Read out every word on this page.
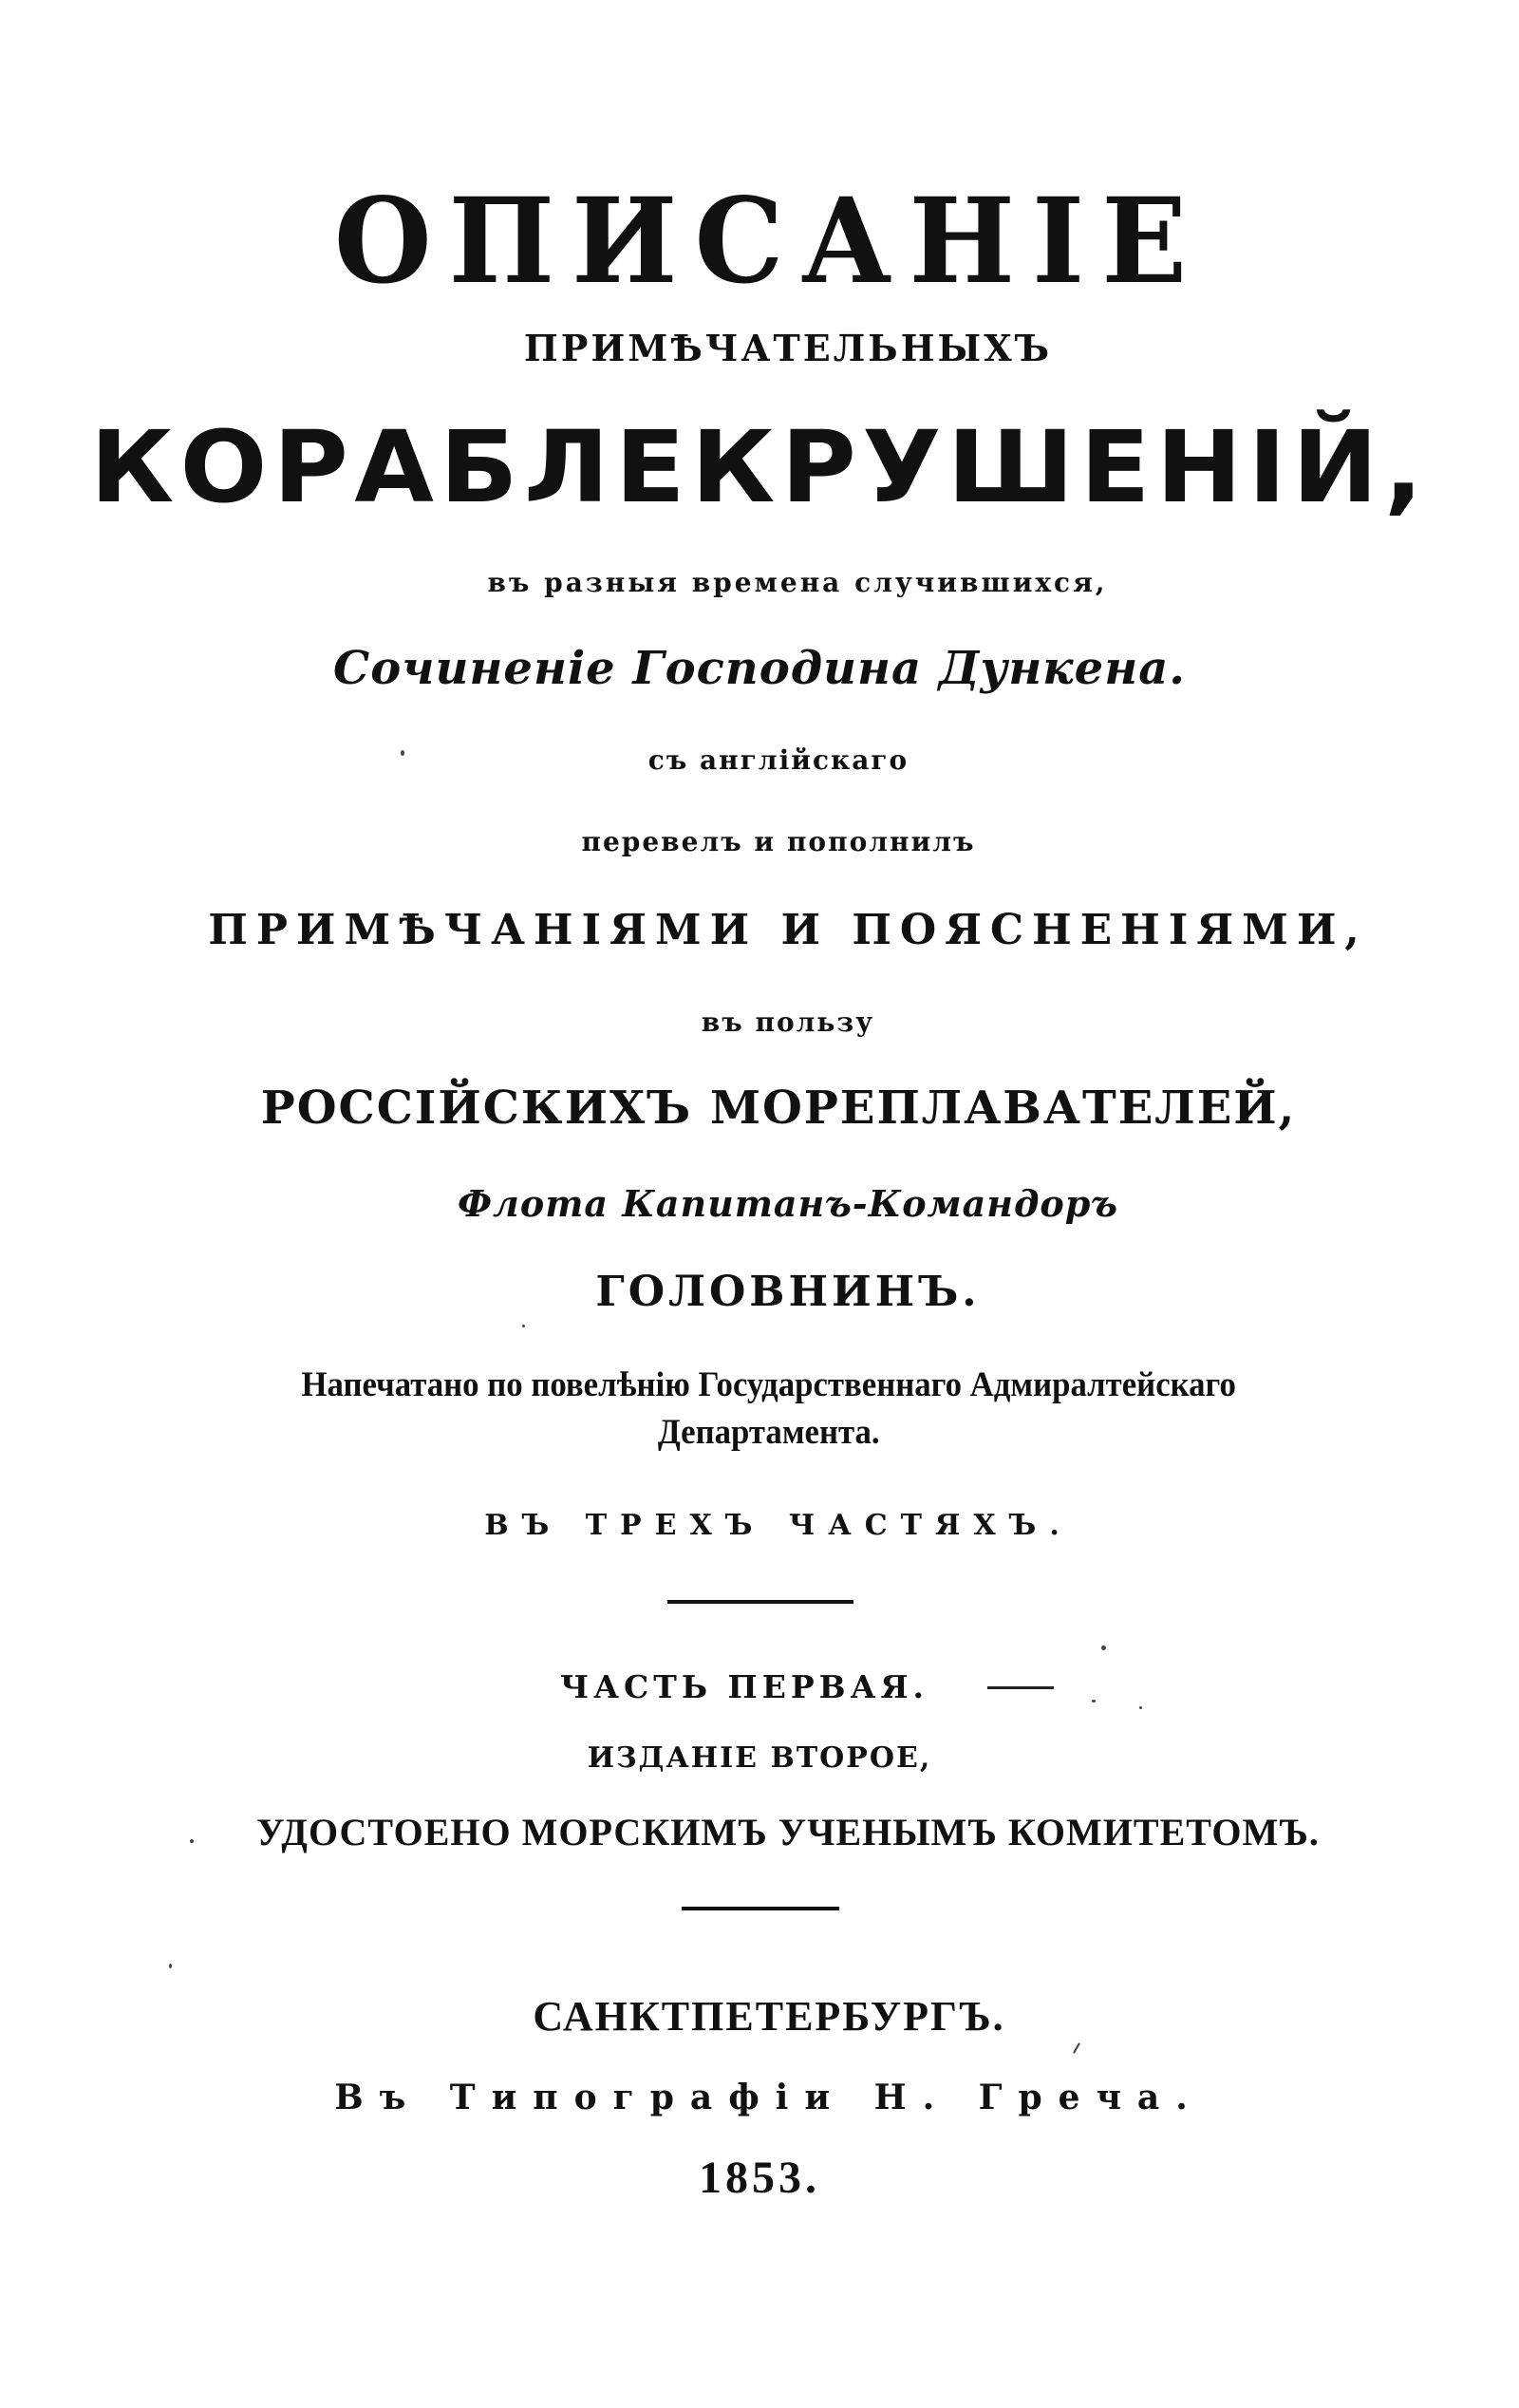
ОПИСАНІЕ
ПРИМѢЧАТЕЛЬНЫХЪ
КОРАБЛЕКРУШЕНІЙ,
въ разныя времена случившихся,
Сочиненіе Господина Дункена.
съ англійскаго
перевелъ и пополнилъ
ПРИМѢЧАНІЯМИ И ПОЯСНЕНІЯМИ,
въ пользу
РОССІЙСКИХЪ МОРЕПЛАВАТЕЛЕЙ,
Флота Капитанъ-Командоръ
ГОЛОВНИНЪ.
Напечатано по повелѣнію Государственнаго Адмиралтейскаго
Департамента.
ВЪ ТРЕХЪ ЧАСТЯХЪ.
ЧАСТЬ ПЕРВАЯ.
ИЗДАНІЕ ВТОРОЕ,
УДОСТОЕНО МОРСКИМЪ УЧЕНЫМЪ КОМИТЕТОМЪ.
САНКТПЕТЕРБУРГЪ.
Въ Типографіи Н. Греча.
1853.
